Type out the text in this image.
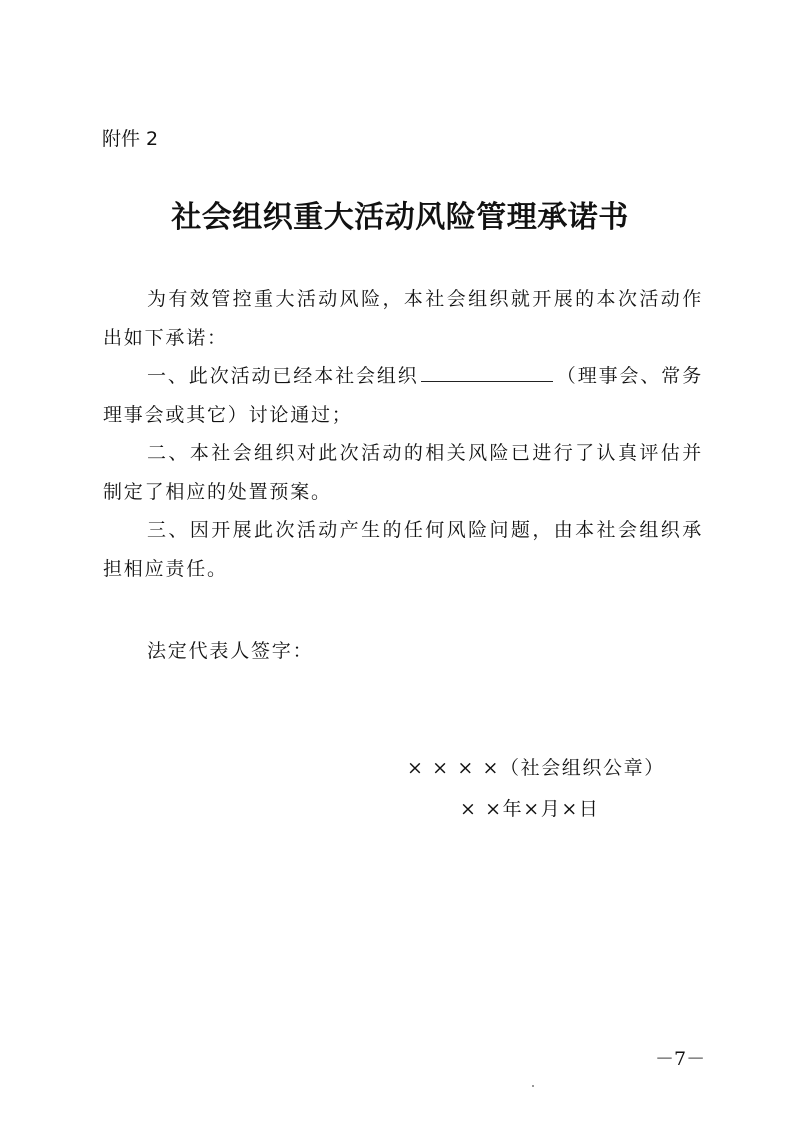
附件 2
社会组织重大活动风险管理承诺书

为有效管控重大活动风险，本社会组织就开展的本次活动作出如下承诺：

一、此次活动已经本社会组织	（理事会、常务理事会或其它）讨论通过；

二、本社会组织对此次活动的相关风险已进行了认真评估并制定了相应的处置预案。

三、因开展此次活动产生的任何风险问题，由本社会组织承担相应责任。

法定代表人签字：
× × × ×（社会组织公章）
× ×年×月×日
－7－
